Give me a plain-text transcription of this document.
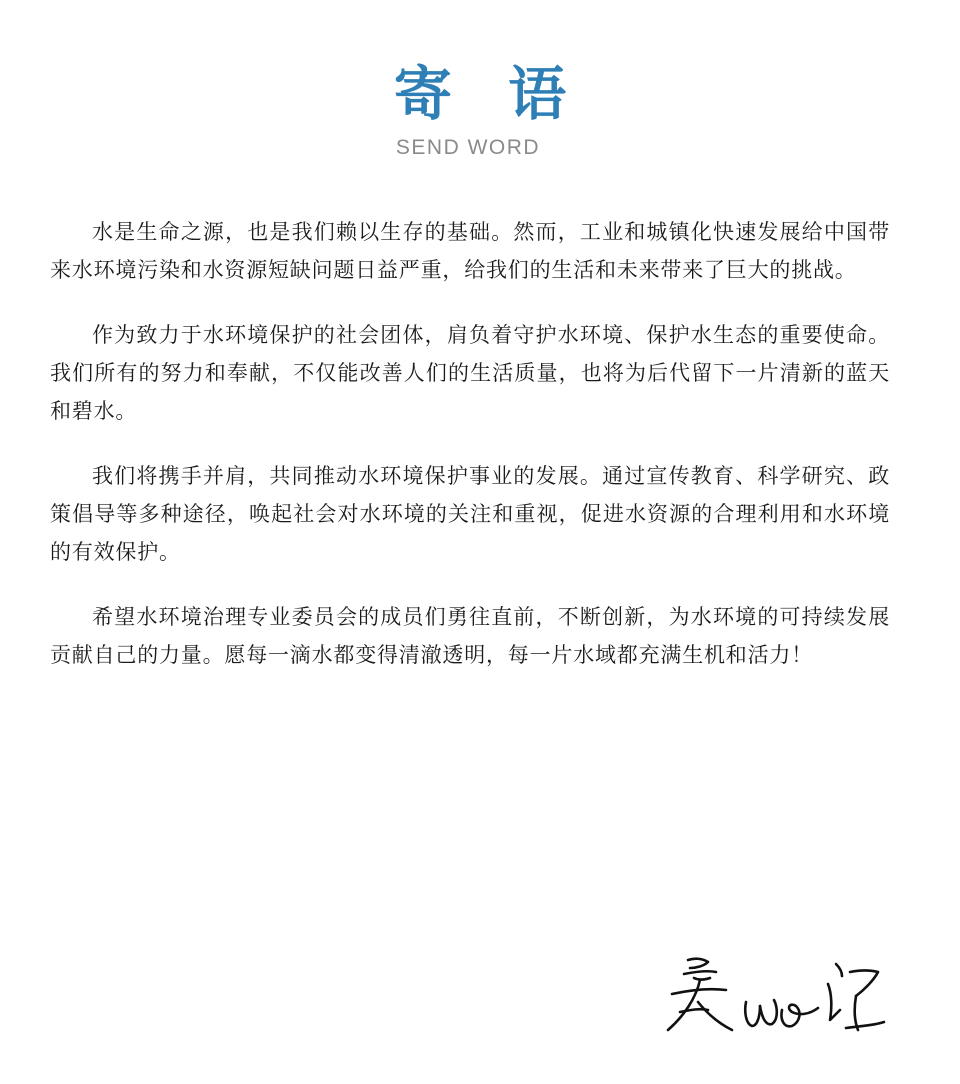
寄 语
SEND WORD

水是生命之源，也是我们赖以生存的基础。然而，工业和城镇化快速发展给中国带来水环境污染和水资源短缺问题日益严重，给我们的生活和未来带来了巨大的挑战。

作为致力于水环境保护的社会团体，肩负着守护水环境、保护水生态的重要使命。我们所有的努力和奉献，不仅能改善人们的生活质量，也将为后代留下一片清新的蓝天和碧水。

我们将携手并肩，共同推动水环境保护事业的发展。通过宣传教育、科学研究、政策倡导等多种途径，唤起社会对水环境的关注和重视，促进水资源的合理利用和水环境的有效保护。

希望水环境治理专业委员会的成员们勇往直前，不断创新，为水环境的可持续发展贡献自己的力量。愿每一滴水都变得清澈透明，每一片水域都充满生机和活力！
